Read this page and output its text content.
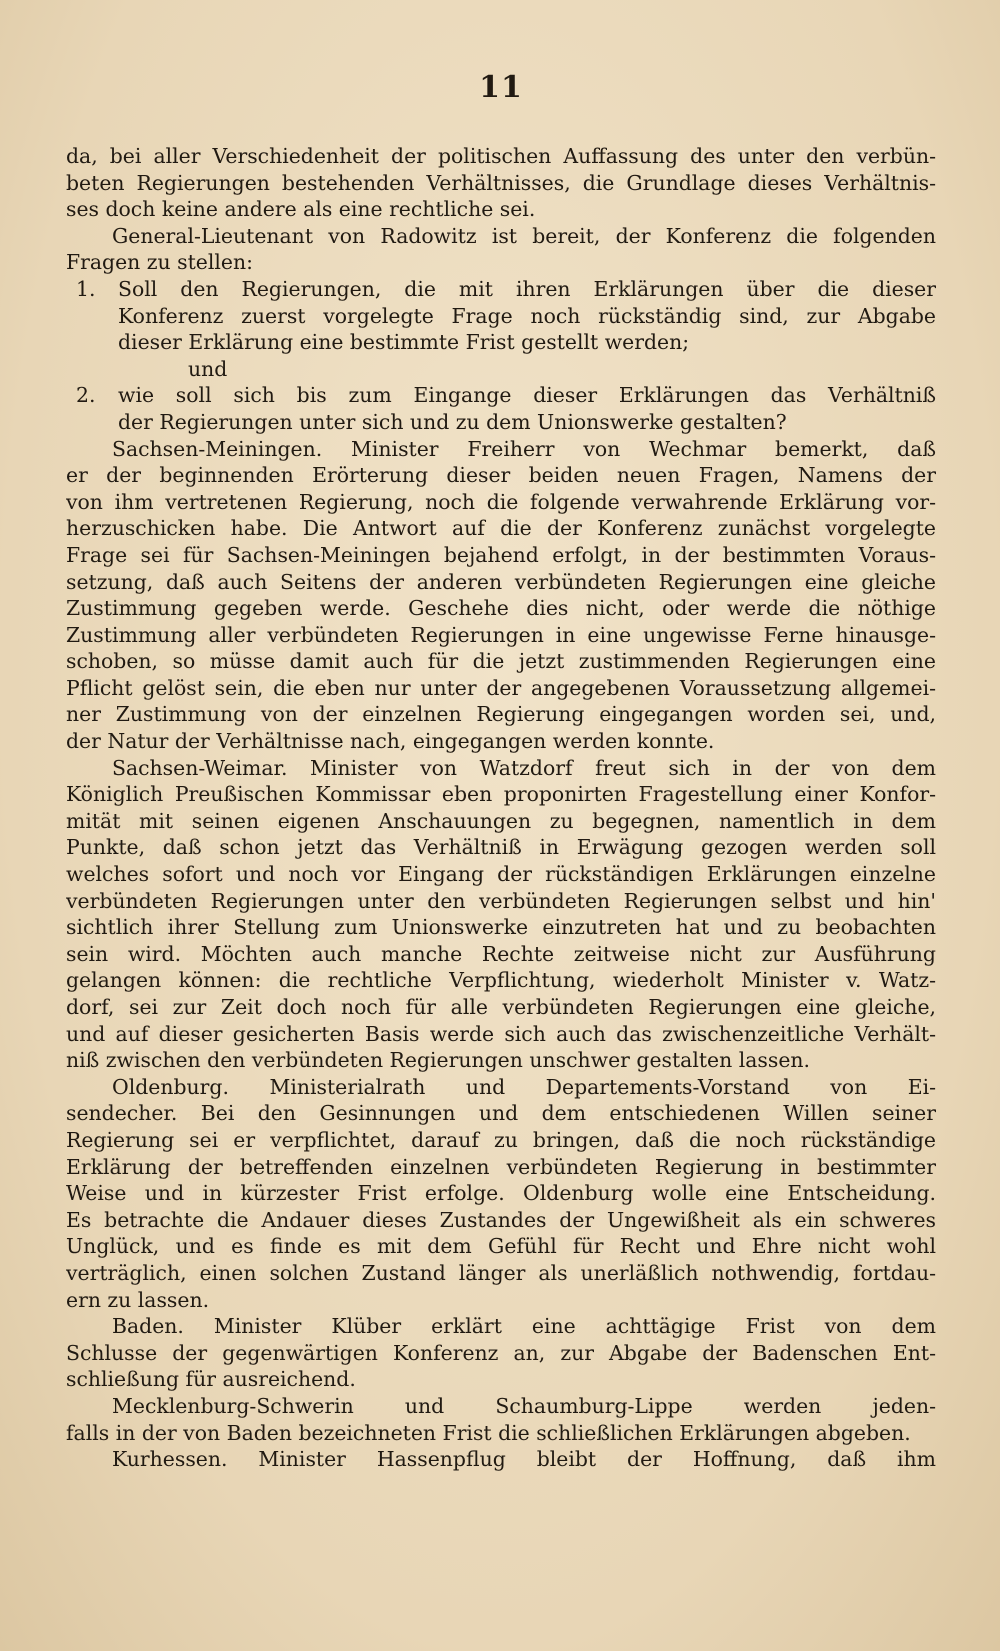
11
da, bei aller Verschiedenheit der politischen Auffassung des unter den verbün-
beten Regierungen bestehenden Verhältnisses, die Grundlage dieses Verhältnis-
ses doch keine andere als eine rechtliche sei.
General-Lieutenant von Radowitz ist bereit, der Konferenz die folgenden
Fragen zu stellen:
1. Soll den Regierungen, die mit ihren Erklärungen über die dieser
Konferenz zuerst vorgelegte Frage noch rückständig sind, zur Abgabe
dieser Erklärung eine bestimmte Frist gestellt werden;
und
2. wie soll sich bis zum Eingange dieser Erklärungen das Verhältniß
der Regierungen unter sich und zu dem Unionswerke gestalten?
Sachsen-Meiningen. Minister Freiherr von Wechmar bemerkt, daß
er der beginnenden Erörterung dieser beiden neuen Fragen, Namens der
von ihm vertretenen Regierung, noch die folgende verwahrende Erklärung vor-
herzuschicken habe. Die Antwort auf die der Konferenz zunächst vorgelegte
Frage sei für Sachsen-Meiningen bejahend erfolgt, in der bestimmten Voraus-
setzung, daß auch Seitens der anderen verbündeten Regierungen eine gleiche
Zustimmung gegeben werde. Geschehe dies nicht, oder werde die nöthige
Zustimmung aller verbündeten Regierungen in eine ungewisse Ferne hinausge-
schoben, so müsse damit auch für die jetzt zustimmenden Regierungen eine
Pflicht gelöst sein, die eben nur unter der angegebenen Voraussetzung allgemei-
ner Zustimmung von der einzelnen Regierung eingegangen worden sei, und,
der Natur der Verhältnisse nach, eingegangen werden konnte.
Sachsen-Weimar. Minister von Watzdorf freut sich in der von dem
Königlich Preußischen Kommissar eben proponirten Fragestellung einer Konfor-
mität mit seinen eigenen Anschauungen zu begegnen, namentlich in dem
Punkte, daß schon jetzt das Verhältniß in Erwägung gezogen werden soll
welches sofort und noch vor Eingang der rückständigen Erklärungen einzelne
verbündeten Regierungen unter den verbündeten Regierungen selbst und hin'
sichtlich ihrer Stellung zum Unionswerke einzutreten hat und zu beobachten
sein wird. Möchten auch manche Rechte zeitweise nicht zur Ausführung
gelangen können: die rechtliche Verpflichtung, wiederholt Minister v. Watz-
dorf, sei zur Zeit doch noch für alle verbündeten Regierungen eine gleiche,
und auf dieser gesicherten Basis werde sich auch das zwischenzeitliche Verhält-
niß zwischen den verbündeten Regierungen unschwer gestalten lassen.
Oldenburg. Ministerialrath und Departements-Vorstand von Ei-
sendecher. Bei den Gesinnungen und dem entschiedenen Willen seiner
Regierung sei er verpflichtet, darauf zu bringen, daß die noch rückständige
Erklärung der betreffenden einzelnen verbündeten Regierung in bestimmter
Weise und in kürzester Frist erfolge. Oldenburg wolle eine Entscheidung.
Es betrachte die Andauer dieses Zustandes der Ungewißheit als ein schweres
Unglück, und es finde es mit dem Gefühl für Recht und Ehre nicht wohl
verträglich, einen solchen Zustand länger als unerläßlich nothwendig, fortdau-
ern zu lassen.
Baden. Minister Klüber erklärt eine achttägige Frist von dem
Schlusse der gegenwärtigen Konferenz an, zur Abgabe der Badenschen Ent-
schließung für ausreichend.
Mecklenburg-Schwerin und Schaumburg-Lippe werden jeden-
falls in der von Baden bezeichneten Frist die schließlichen Erklärungen abgeben.
Kurhessen. Minister Hassenpflug bleibt der Hoffnung, daß ihm
